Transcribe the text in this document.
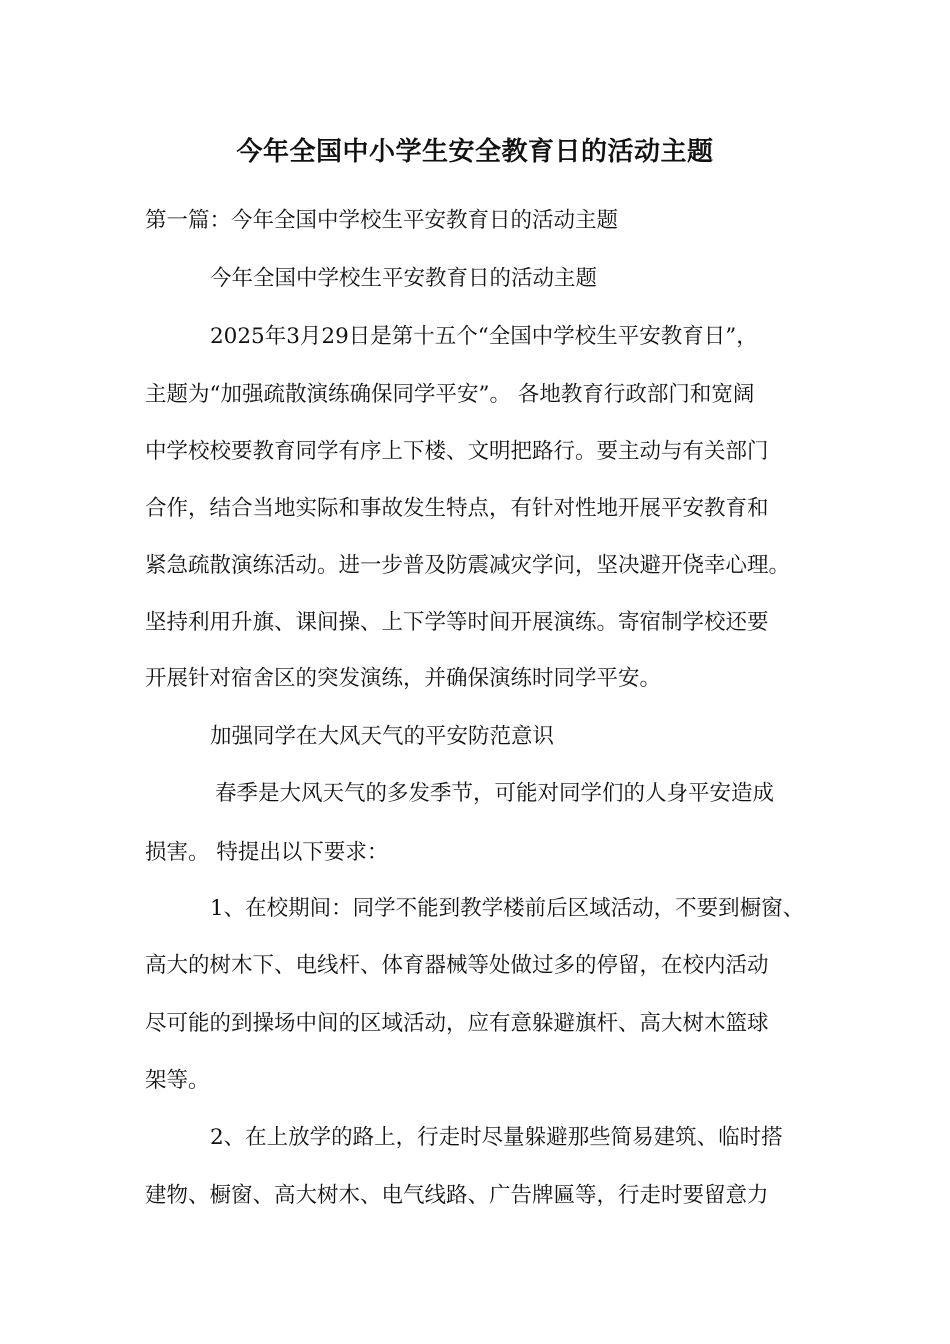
今年全国中小学生安全教育日的活动主题
第一篇：今年全国中学校生平安教育日的活动主题
今年全国中学校生平安教育日的活动主题
2025年3月29日是第十五个“全国中学校生平安教育日”，
主题为“加强疏散演练确保同学平安”。 各地教育行政部门和宽阔
中学校校要教育同学有序上下楼、文明把路行。要主动与有关部门
合作，结合当地实际和事故发生特点，有针对性地开展平安教育和
紧急疏散演练活动。进一步普及防震减灾学问，坚决避开侥幸心理。
坚持利用升旗、课间操、上下学等时间开展演练。寄宿制学校还要
开展针对宿舍区的突发演练，并确保演练时同学平安。
加强同学在大风天气的平安防范意识
春季是大风天气的多发季节，可能对同学们的人身平安造成
损害。 特提出以下要求：
1、在校期间：同学不能到教学楼前后区域活动，不要到橱窗、
高大的树木下、电线杆、体育器械等处做过多的停留，在校内活动
尽可能的到操场中间的区域活动，应有意躲避旗杆、高大树木篮球
架等。
2、在上放学的路上，行走时尽量躲避那些简易建筑、临时搭
建物、橱窗、高大树木、电气线路、广告牌匾等，行走时要留意力
